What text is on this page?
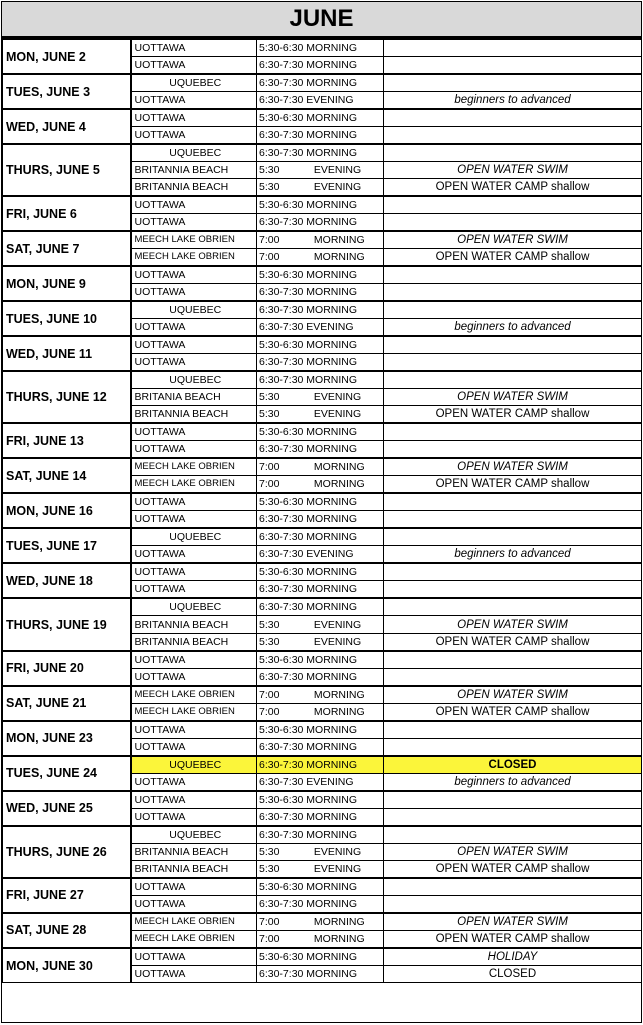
JUNE
MON, JUNE 2	UOTTAWA	5:30-6:30 MORNING	
	UOTTAWA	6:30-7:30 MORNING	
TUES, JUNE 3	UQUEBEC	6:30-7:30 MORNING	
	UOTTAWA	6:30-7:30 EVENING	beginners to advanced
WED, JUNE 4	UOTTAWA	5:30-6:30 MORNING	
	UOTTAWA	6:30-7:30 MORNING	
THURS, JUNE 5	UQUEBEC	6:30-7:30 MORNING	
	BRITANNIA BEACH	5:30 EVENING	OPEN WATER SWIM
	BRITANNIA BEACH	5:30 EVENING	OPEN WATER CAMP shallow
FRI, JUNE 6	UOTTAWA	5:30-6:30 MORNING	
	UOTTAWA	6:30-7:30 MORNING	
SAT, JUNE 7	MEECH LAKE OBRIEN	7:00 MORNING	OPEN WATER SWIM
	MEECH LAKE OBRIEN	7:00 MORNING	OPEN WATER CAMP shallow
MON, JUNE 9	UOTTAWA	5:30-6:30 MORNING	
	UOTTAWA	6:30-7:30 MORNING	
TUES, JUNE 10	UQUEBEC	6:30-7:30 MORNING	
	UOTTAWA	6:30-7:30 EVENING	beginners to advanced
WED, JUNE 11	UOTTAWA	5:30-6:30 MORNING	
	UOTTAWA	6:30-7:30 MORNING	
THURS, JUNE 12	UQUEBEC	6:30-7:30 MORNING	
	BRITANIA BEACH	5:30 EVENING	OPEN WATER SWIM
	BRITANNIA BEACH	5:30 EVENING	OPEN WATER CAMP shallow
FRI, JUNE 13	UOTTAWA	5:30-6:30 MORNING	
	UOTTAWA	6:30-7:30 MORNING	
SAT, JUNE 14	MEECH LAKE OBRIEN	7:00 MORNING	OPEN WATER SWIM
	MEECH LAKE OBRIEN	7:00 MORNING	OPEN WATER CAMP shallow
MON, JUNE 16	UOTTAWA	5:30-6:30 MORNING	
	UOTTAWA	6:30-7:30 MORNING	
TUES, JUNE 17	UQUEBEC	6:30-7:30 MORNING	
	UOTTAWA	6:30-7:30 EVENING	beginners to advanced
WED, JUNE 18	UOTTAWA	5:30-6:30 MORNING	
	UOTTAWA	6:30-7:30 MORNING	
THURS, JUNE 19	UQUEBEC	6:30-7:30 MORNING	
	BRITANNIA BEACH	5:30 EVENING	OPEN WATER SWIM
	BRITANNIA BEACH	5:30 EVENING	OPEN WATER CAMP shallow
FRI, JUNE 20	UOTTAWA	5:30-6:30 MORNING	
	UOTTAWA	6:30-7:30 MORNING	
SAT, JUNE 21	MEECH LAKE OBRIEN	7:00 MORNING	OPEN WATER SWIM
	MEECH LAKE OBRIEN	7:00 MORNING	OPEN WATER CAMP shallow
MON, JUNE 23	UOTTAWA	5:30-6:30 MORNING	
	UOTTAWA	6:30-7:30 MORNING	
TUES, JUNE 24	UQUEBEC	6:30-7:30 MORNING	CLOSED
	UOTTAWA	6:30-7:30 EVENING	beginners to advanced
WED, JUNE 25	UOTTAWA	5:30-6:30 MORNING	
	UOTTAWA	6:30-7:30 MORNING	
THURS, JUNE 26	UQUEBEC	6:30-7:30 MORNING	
	BRITANNIA BEACH	5:30 EVENING	OPEN WATER SWIM
	BRITANNIA BEACH	5:30 EVENING	OPEN WATER CAMP shallow
FRI, JUNE 27	UOTTAWA	5:30-6:30 MORNING	
	UOTTAWA	6:30-7:30 MORNING	
SAT, JUNE 28	MEECH LAKE OBRIEN	7:00 MORNING	OPEN WATER SWIM
	MEECH LAKE OBRIEN	7:00 MORNING	OPEN WATER CAMP shallow
MON, JUNE 30	UOTTAWA	5:30-6:30 MORNING	HOLIDAY
	UOTTAWA	6:30-7:30 MORNING	CLOSED
